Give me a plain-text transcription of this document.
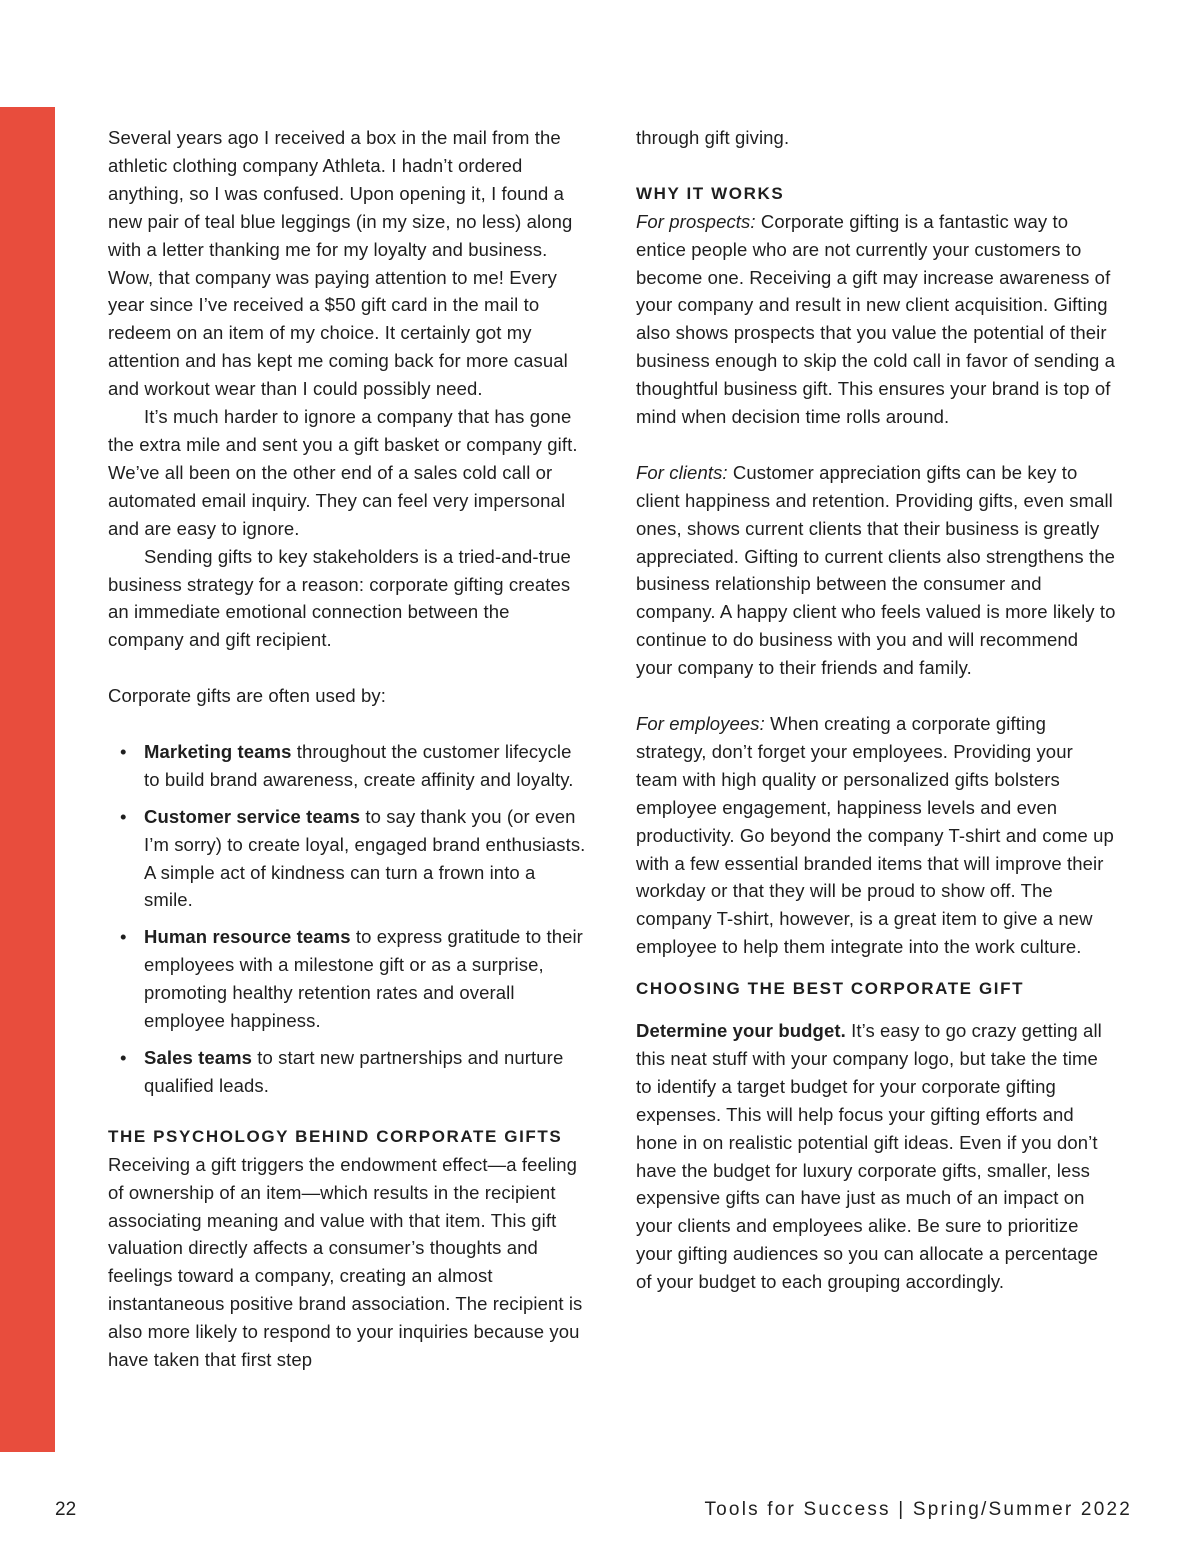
Several years ago I received a box in the mail from the athletic clothing company Athleta. I hadn’t ordered anything, so I was confused. Upon opening it, I found a new pair of teal blue leggings (in my size, no less) along with a letter thanking me for my loyalty and business. Wow, that company was paying attention to me! Every year since I’ve received a $50 gift card in the mail to redeem on an item of my choice. It certainly got my attention and has kept me coming back for more casual and workout wear than I could possibly need.

It’s much harder to ignore a company that has gone the extra mile and sent you a gift basket or company gift. We’ve all been on the other end of a sales cold call or automated email inquiry. They can feel very impersonal and are easy to ignore.

Sending gifts to key stakeholders is a tried-and-true business strategy for a reason: corporate gifting creates an immediate emotional connection between the company and gift recipient.

Corporate gifts are often used by:

• Marketing teams throughout the customer lifecycle to build brand awareness, create affinity and loyalty.
• Customer service teams to say thank you (or even I’m sorry) to create loyal, engaged brand enthusiasts. A simple act of kindness can turn a frown into a smile.
• Human resource teams to express gratitude to their employees with a milestone gift or as a surprise, promoting healthy retention rates and overall employee happiness.
• Sales teams to start new partnerships and nurture qualified leads.

THE PSYCHOLOGY BEHIND CORPORATE GIFTS

Receiving a gift triggers the endowment effect—a feeling of ownership of an item—which results in the recipient associating meaning and value with that item. This gift valuation directly affects a consumer’s thoughts and feelings toward a company, creating an almost instantaneous positive brand association. The recipient is also more likely to respond to your inquiries because you have taken that first step

through gift giving.

WHY IT WORKS

For prospects: Corporate gifting is a fantastic way to entice people who are not currently your customers to become one. Receiving a gift may increase awareness of your company and result in new client acquisition. Gifting also shows prospects that you value the potential of their business enough to skip the cold call in favor of sending a thoughtful business gift. This ensures your brand is top of mind when decision time rolls around.

For clients: Customer appreciation gifts can be key to client happiness and retention. Providing gifts, even small ones, shows current clients that their business is greatly appreciated. Gifting to current clients also strengthens the business relationship between the consumer and company. A happy client who feels valued is more likely to continue to do business with you and will recommend your company to their friends and family.

For employees: When creating a corporate gifting strategy, don’t forget your employees. Providing your team with high quality or personalized gifts bolsters employee engagement, happiness levels and even productivity. Go beyond the company T-shirt and come up with a few essential branded items that will improve their workday or that they will be proud to show off. The company T-shirt, however, is a great item to give a new employee to help them integrate into the work culture.

CHOOSING THE BEST CORPORATE GIFT

Determine your budget. It’s easy to go crazy getting all this neat stuff with your company logo, but take the time to identify a target budget for your corporate gifting expenses. This will help focus your gifting efforts and hone in on realistic potential gift ideas. Even if you don’t have the budget for luxury corporate gifts, smaller, less expensive gifts can have just as much of an impact on your clients and employees alike. Be sure to prioritize your gifting audiences so you can allocate a percentage of your budget to each grouping accordingly.

22	Tools for Success | Spring/Summer 2022
